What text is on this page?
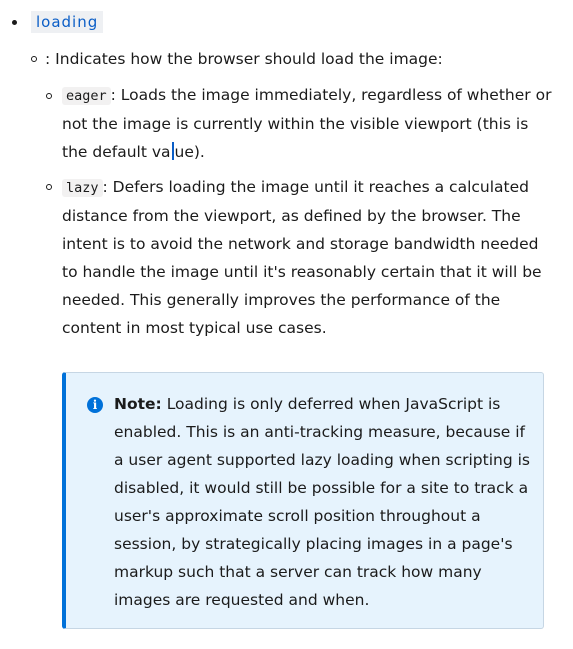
loading
: Indicates how the browser should load the image:

eager : Loads the image immediately, regardless of whether or not the image is currently within the visible viewport (this is the default va ue).

lazy : Defers loading the image until it reaches a calculated distance from the viewport, as defined by the browser. The intent is to avoid the network and storage bandwidth needed to handle the image until it's reasonably certain that it will be needed. This generally improves the performance of the content in most typical use cases.

i	Note: Loading is only deferred when JavaScript is enabled. This is an anti-tracking measure, because if a user agent supported lazy loading when scripting is disabled, it would still be possible for a site to track a user's approximate scroll position throughout a session, by strategically placing images in a page's markup such that a server can track how many images are requested and when.
